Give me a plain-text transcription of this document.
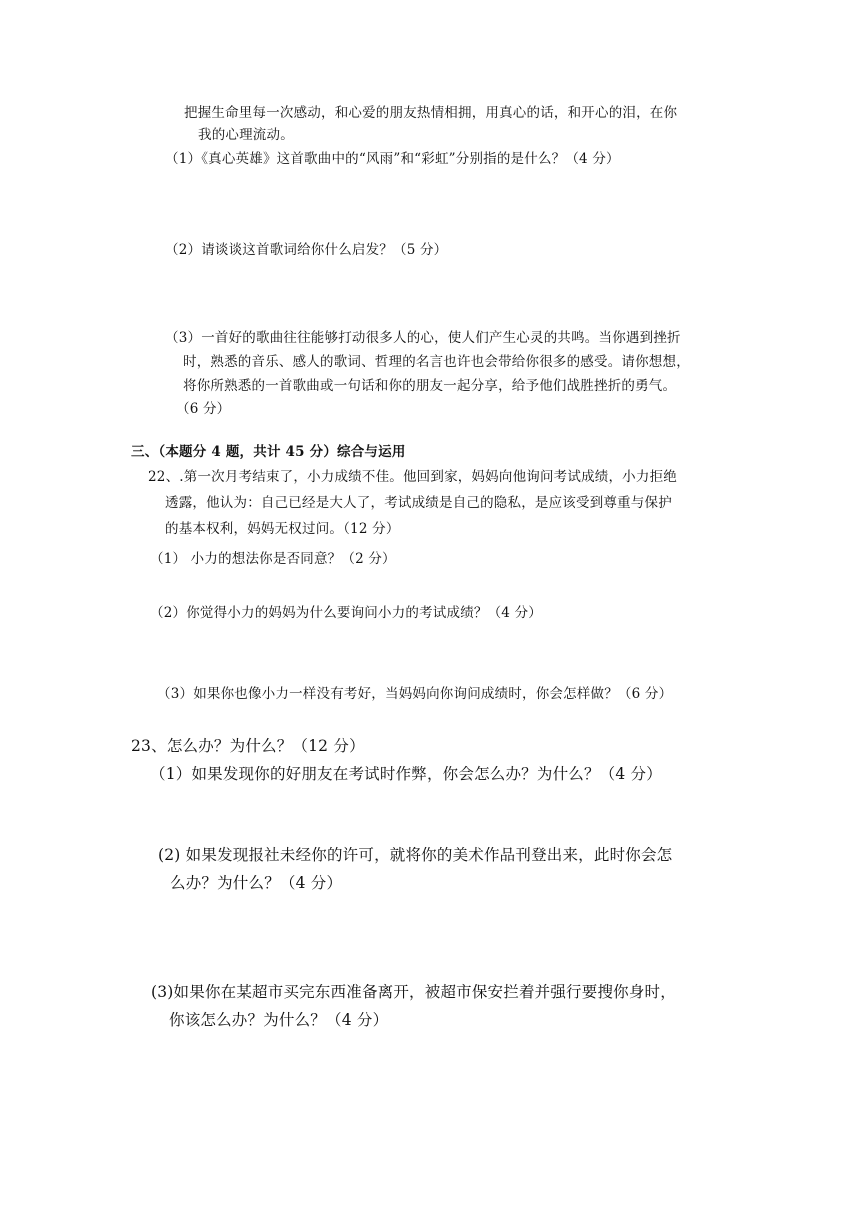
把握生命里每一次感动，和心爱的朋友热情相拥，用真心的话，和开心的泪，在你
我的心理流动。
（1）《真心英雄》这首歌曲中的“风雨”和“彩虹”分别指的是什么？（4 分）
（2）请谈谈这首歌词给你什么启发？（5 分）
（3）一首好的歌曲往往能够打动很多人的心，使人们产生心灵的共鸣。当你遇到挫折
时，熟悉的音乐、感人的歌词、哲理的名言也许也会带给你很多的感受。请你想想，
将你所熟悉的一首歌曲或一句话和你的朋友一起分享，给予他们战胜挫折的勇气。
（6 分）
三、（本题分 4 题，共计 45 分）综合与运用
22、.第一次月考结束了，小力成绩不佳。他回到家，妈妈向他询问考试成绩，小力拒绝
透露，他认为：自己已经是大人了，考试成绩是自己的隐私，是应该受到尊重与保护
的基本权利，妈妈无权过问。（12 分）
（1） 小力的想法你是否同意？（2 分）
（2）你觉得小力的妈妈为什么要询问小力的考试成绩？（4 分）
（3）如果你也像小力一样没有考好，当妈妈向你询问成绩时，你会怎样做？（6 分）
23、怎么办？为什么？（12 分）
（1）如果发现你的好朋友在考试时作弊，你会怎么办？为什么？（4 分）
(2) 如果发现报社未经你的许可，就将你的美术作品刊登出来，此时你会怎
么办？为什么？（4 分）
(3)如果你在某超市买完东西准备离开，被超市保安拦着并强行要搜你身时，
你该怎么办？为什么？（4 分）
